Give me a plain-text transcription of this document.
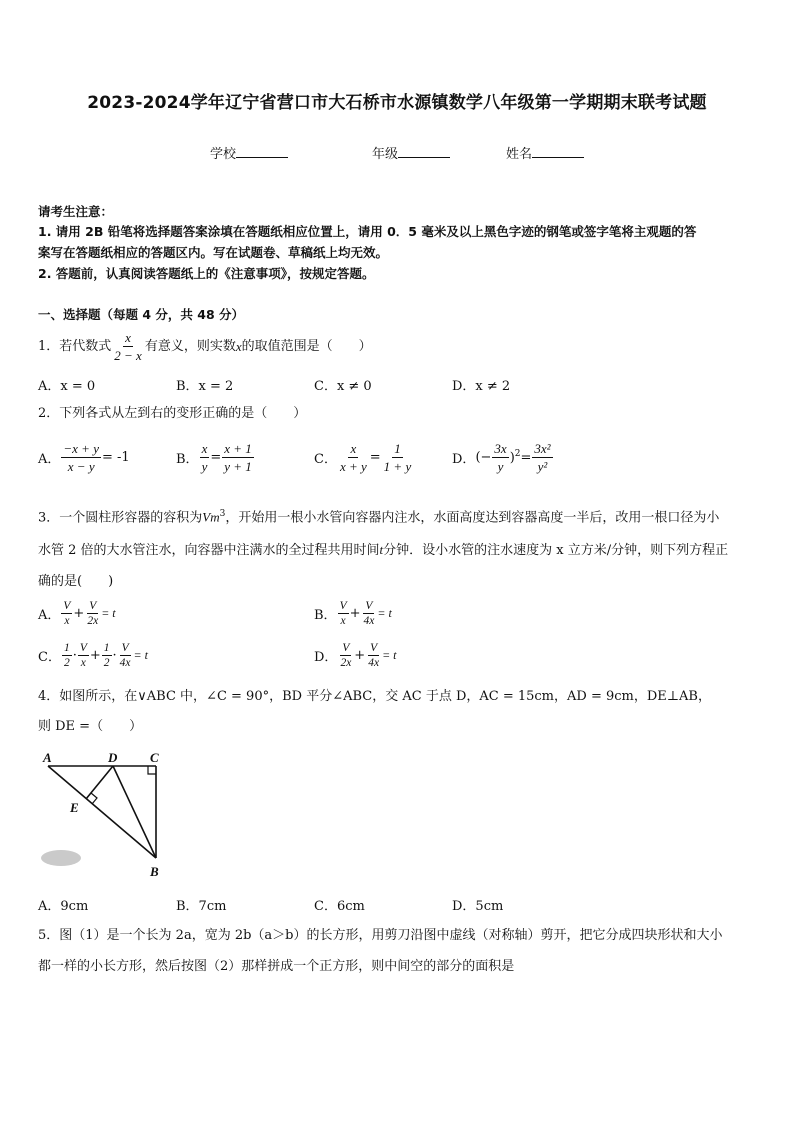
2023-2024学年辽宁省营口市大石桥市水源镇数学八年级第一学期期末联考试题
学校	年级	姓名
请考生注意：
1. 请用 2B 铅笔将选择题答案涂填在答题纸相应位置上，请用 0．5 毫米及以上黑色字迹的钢笔或签字笔将主观题的答
案写在答题纸相应的答题区内。写在试题卷、草稿纸上均无效。
2. 答题前，认真阅读答题纸上的《注意事项》，按规定答题。
一、选择题（每题 4 分，共 48 分）
1．若代数式 $\frac{x}{2 - x}$ 有意义，则实数 x 的取值范围是（　　）
A．x = 0	B．x = 2	C．x ≠ 0	D．x ≠ 2
2．下列各式从左到右的变形正确的是（　　）
A． $\frac{-x + y}{x - y} = -1$	B． $\frac{x}{y} = \frac{x + 1}{y + 1}$	C． $\frac{x}{x + y} = \frac{1}{1 + y}$	D． (− $\frac{3x}{y} )^2= \frac{\text{3x²}}{\text{y²}}$
3．一个圆柱形容器的容积为Vm$^3$，开始用一根小水管向容器内注水，水面高度达到容器高度一半后，改用一根口径为小
水管 2 倍的大水管注水，向容器中注满水的全过程共用时间t分钟．设小水管的注水速度为 x 立方米/分钟，则下列方程正
确的是(　　)
A． $\frac{V}{x} + \frac{V}{2x} = t$	B． $\frac{V}{x} + \frac{V}{4x} = t$
C． $\frac{1}{2} \cdot \frac{V}{x} + \frac{1}{2} \cdot \frac{V}{4x} = t$	D． $\frac{V}{2x} + \frac{V}{4x} = t$
4．如图所示，在∨ABC 中，∠C = 90°，BD 平分∠ABC，交 AC 于点 D，AC = 15cm，AD = 9cm，DE⊥AB，
则 DE =（　　）
A	D	C
E
B
A．9cm	B．7cm	C．6cm	D．5cm
5．图（1）是一个长为 2a，宽为 2b（a＞b）的长方形，用剪刀沿图中虚线（对称轴）剪开，把它分成四块形状和大小
都一样的小长方形，然后按图（2）那样拼成一个正方形，则中间空的部分的面积是
